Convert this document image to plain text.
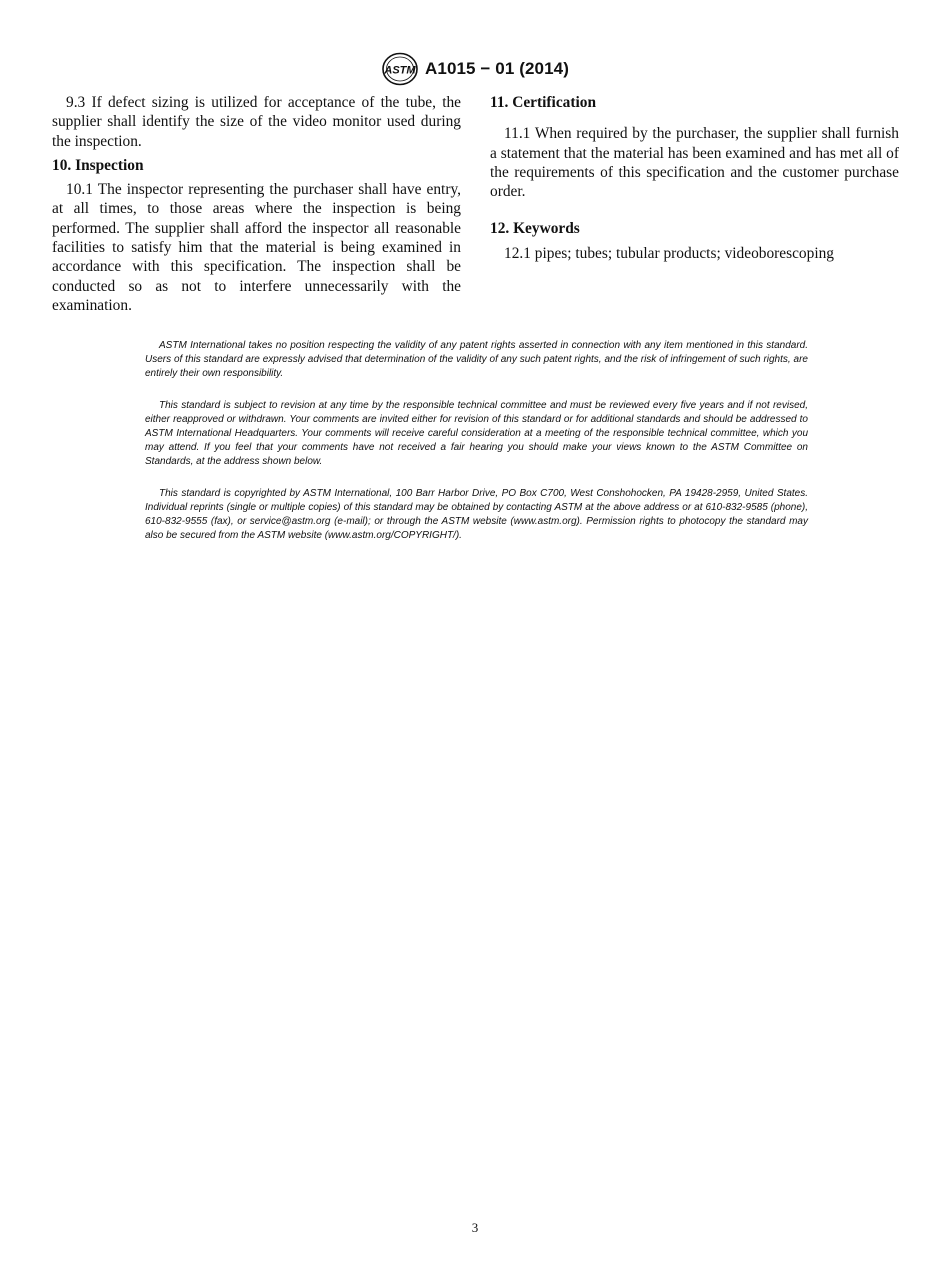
ASTM A1015 − 01 (2014)

9.3 If defect sizing is utilized for acceptance of the tube, the supplier shall identify the size of the video monitor used during the inspection.

10. Inspection

10.1 The inspector representing the purchaser shall have entry, at all times, to those areas where the inspection is being performed. The supplier shall afford the inspector all reasonable facilities to satisfy him that the material is being examined in accordance with this specification. The inspection shall be conducted so as not to interfere unnecessarily with the examination.

11. Certification

11.1 When required by the purchaser, the supplier shall furnish a statement that the material has been examined and has met all of the requirements of this specification and the customer purchase order.

12. Keywords

12.1 pipes; tubes; tubular products; videoborescoping

ASTM International takes no position respecting the validity of any patent rights asserted in connection with any item mentioned in this standard. Users of this standard are expressly advised that determination of the validity of any such patent rights, and the risk of infringement of such rights, are entirely their own responsibility.

This standard is subject to revision at any time by the responsible technical committee and must be reviewed every five years and if not revised, either reapproved or withdrawn. Your comments are invited either for revision of this standard or for additional standards and should be addressed to ASTM International Headquarters. Your comments will receive careful consideration at a meeting of the responsible technical committee, which you may attend. If you feel that your comments have not received a fair hearing you should make your views known to the ASTM Committee on Standards, at the address shown below.

This standard is copyrighted by ASTM International, 100 Barr Harbor Drive, PO Box C700, West Conshohocken, PA 19428-2959, United States. Individual reprints (single or multiple copies) of this standard may be obtained by contacting ASTM at the above address or at 610-832-9585 (phone), 610-832-9555 (fax), or service@astm.org (e-mail); or through the ASTM website (www.astm.org). Permission rights to photocopy the standard may also be secured from the ASTM website (www.astm.org/COPYRIGHT/).

3
